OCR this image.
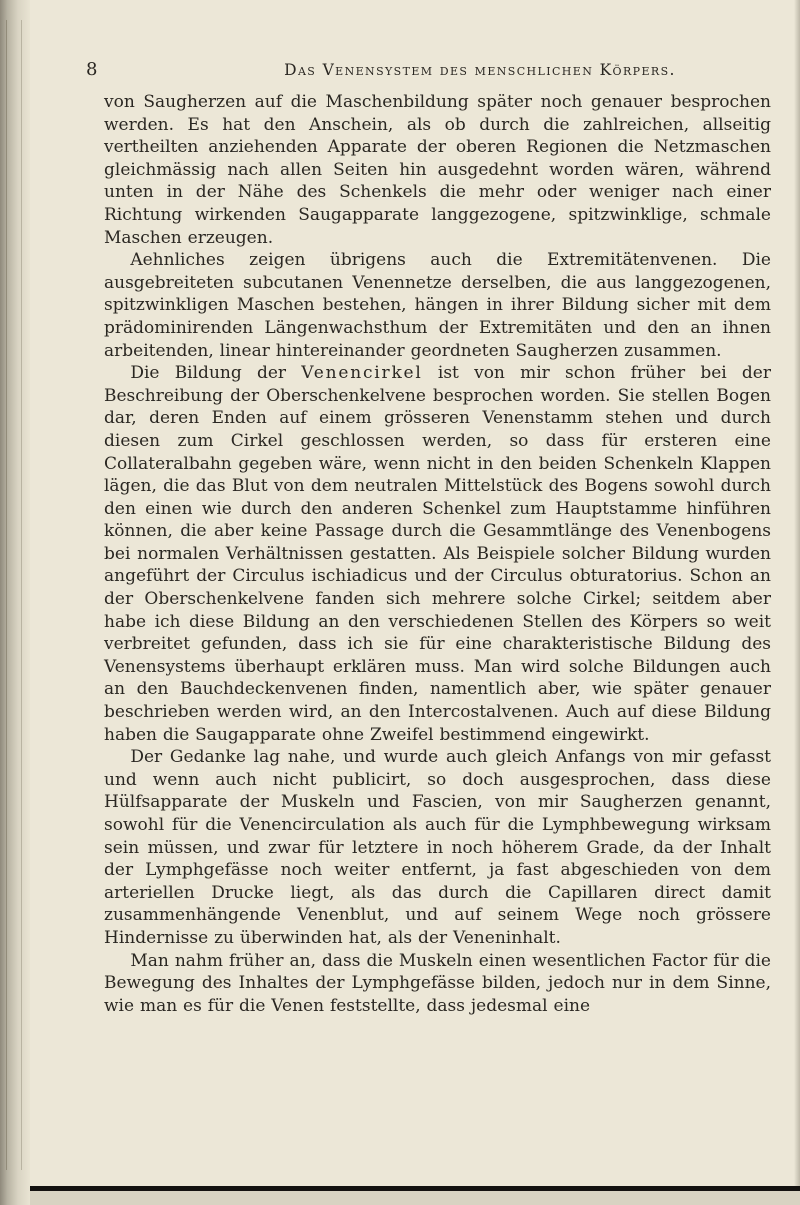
8	Das Venensystem des menschlichen Körpers.

von Saugherzen auf die Maschenbildung später noch genauer besprochen werden. Es hat den Anschein, als ob durch die zahlreichen, allseitig vertheilten anziehenden Apparate der oberen Regionen die Netzmaschen gleichmässig nach allen Seiten hin ausgedehnt worden wären, während unten in der Nähe des Schenkels die mehr oder weniger nach einer Richtung wirkenden Saugapparate langgezogene, spitzwinklige, schmale Maschen erzeugen.

Aehnliches zeigen übrigens auch die Extremitätenvenen. Die ausgebreiteten subcutanen Venennetze derselben, die aus langgezogenen, spitzwinkligen Maschen bestehen, hängen in ihrer Bildung sicher mit dem prädominirenden Längenwachsthum der Extremitäten und den an ihnen arbeitenden, linear hintereinander geordneten Saugherzen zusammen.

Die Bildung der Venencirkel ist von mir schon früher bei der Beschreibung der Oberschenkelvene besprochen worden. Sie stellen Bogen dar, deren Enden auf einem grösseren Venenstamm stehen und durch diesen zum Cirkel geschlossen werden, so dass für ersteren eine Collateralbahn gegeben wäre, wenn nicht in den beiden Schenkeln Klappen lägen, die das Blut von dem neutralen Mittelstück des Bogens sowohl durch den einen wie durch den anderen Schenkel zum Hauptstamme hinführen können, die aber keine Passage durch die Gesammtlänge des Venenbogens bei normalen Verhältnissen gestatten. Als Beispiele solcher Bildung wurden angeführt der Circulus ischiadicus und der Circulus obturatorius. Schon an der Oberschenkelvene fanden sich mehrere solche Cirkel; seitdem aber habe ich diese Bildung an den verschiedenen Stellen des Körpers so weit verbreitet gefunden, dass ich sie für eine charakteristische Bildung des Venensystems überhaupt erklären muss. Man wird solche Bildungen auch an den Bauchdeckenvenen finden, namentlich aber, wie später genauer beschrieben werden wird, an den Intercostalvenen. Auch auf diese Bildung haben die Saugapparate ohne Zweifel bestimmend eingewirkt.

Der Gedanke lag nahe, und wurde auch gleich Anfangs von mir gefasst und wenn auch nicht publicirt, so doch ausgesprochen, dass diese Hülfsapparate der Muskeln und Fascien, von mir Saugherzen genannt, sowohl für die Venencirculation als auch für die Lymphbewegung wirksam sein müssen, und zwar für letztere in noch höherem Grade, da der Inhalt der Lymphgefässe noch weiter entfernt, ja fast abgeschieden von dem arteriellen Drucke liegt, als das durch die Capillaren direct damit zusammenhängende Venenblut, und auf seinem Wege noch grössere Hindernisse zu überwinden hat, als der Veneninhalt.

Man nahm früher an, dass die Muskeln einen wesentlichen Factor für die Bewegung des Inhaltes der Lymphgefässe bilden, jedoch nur in dem Sinne, wie man es für die Venen feststellte, dass jedesmal eine
